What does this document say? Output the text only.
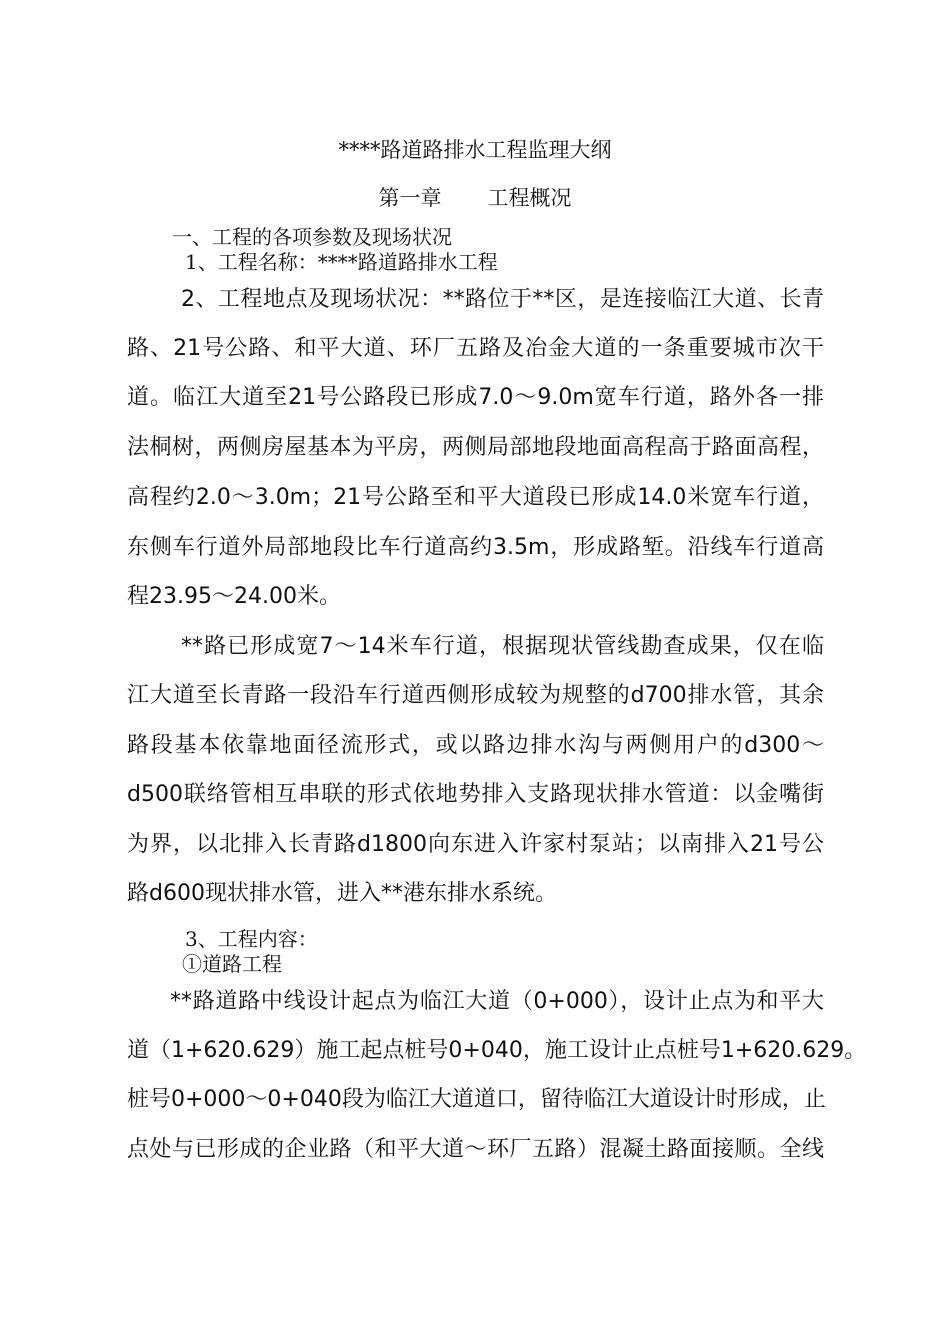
****路道路排水工程监理大纲

第一章 工程概况

一、工程的各项参数及现场状况

1、工程名称：****路道路排水工程

2、工程地点及现场状况：**路位于**区，是连接临江大道、长青

路、21号公路、和平大道、环厂五路及冶金大道的一条重要城市次干

道。临江大道至21号公路段已形成7.0～9.0m宽车行道，路外各一排

法桐树，两侧房屋基本为平房，两侧局部地段地面高程高于路面高程，

高程约2.0～3.0m；21号公路至和平大道段已形成14.0米宽车行道，

东侧车行道外局部地段比车行道高约3.5m，形成路堑。沿线车行道高

程23.95～24.00米。

**路已形成宽7～14米车行道，根据现状管线勘查成果，仅在临

江大道至长青路一段沿车行道西侧形成较为规整的d700排水管，其余

路段基本依靠地面径流形式，或以路边排水沟与两侧用户的d300～

d500联络管相互串联的形式依地势排入支路现状排水管道：以金嘴街

为界，以北排入长青路d1800向东进入许家村泵站；以南排入21号公

路d600现状排水管，进入**港东排水系统。

3、工程内容：

①道路工程

**路道路中线设计起点为临江大道（0+000），设计止点为和平大

道（1+620.629）施工起点桩号0+040，施工设计止点桩号1+620.629。

桩号0+000～0+040段为临江大道道口，留待临江大道设计时形成，止

点处与已形成的企业路（和平大道～环厂五路）混凝土路面接顺。全线
